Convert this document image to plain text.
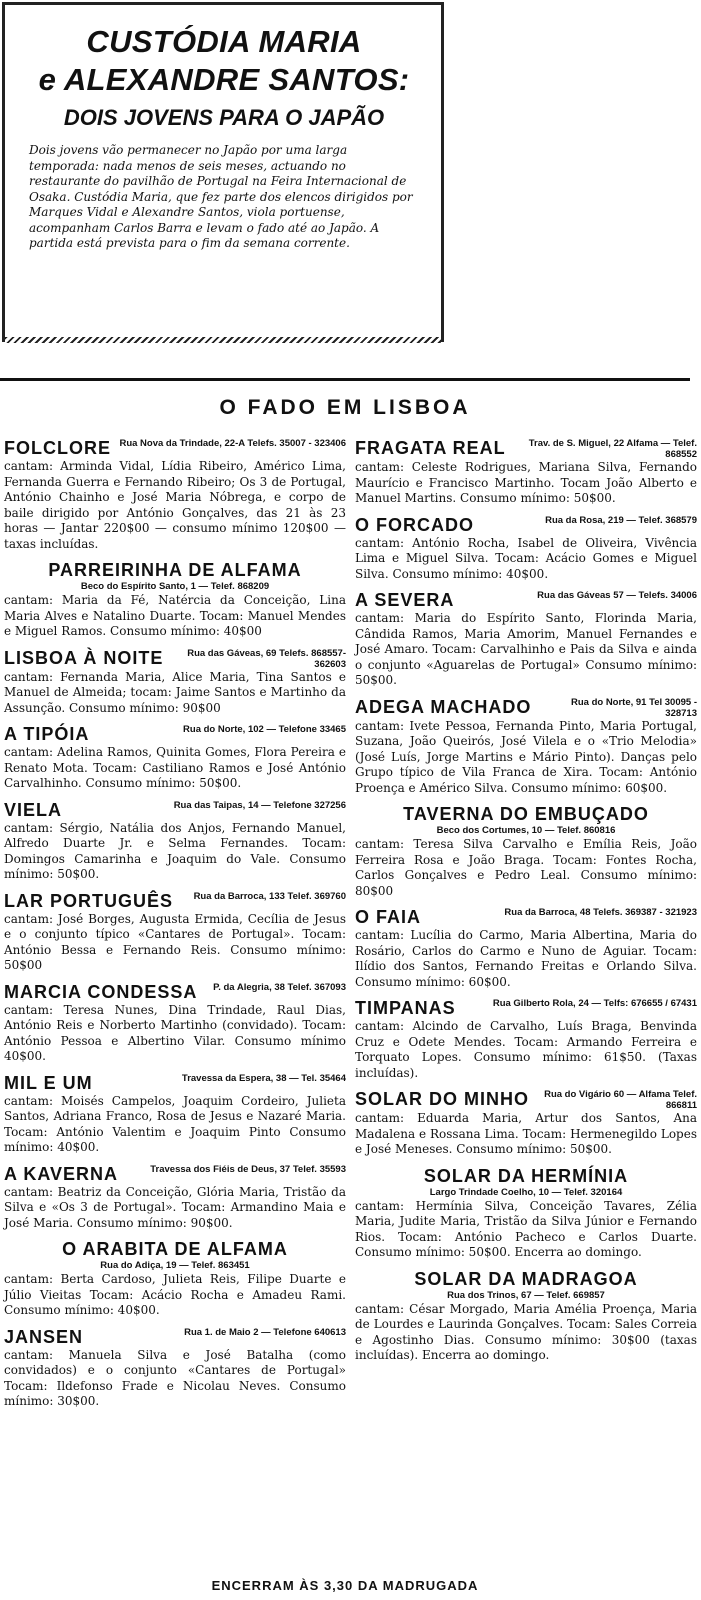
CUSTÓDIA MARIA
e ALEXANDRE SANTOS:
DOIS JOVENS PARA O JAPÃO

Dois jovens vão permanecer no Japão por uma larga temporada: nada menos de seis meses, actuando no restaurante do pavilhão de Portugal na Feira Internacional de Osaka. Custódia Maria, que fez parte dos elencos dirigidos por Marques Vidal e Alexandre Santos, viola portuense, acompanham Carlos Barra e levam o fado até ao Japão. A partida está prevista para o fim da semana corrente.

O FADO EM LISBOA
FOLCLORE Rua Nova da Trindade, 22-A Telefs. 35007 - 323406
cantam: Arminda Vidal, Lídia Ribeiro, Américo Lima, Fernanda Guerra e Fernando Ribeiro; Os 3 de Portugal, António Chainho e José Maria Nóbrega, e corpo de baile dirigido por António Gonçalves, das 21 às 23 horas — Jantar 220$00 — consumo mínimo 120$00 — taxas incluídas.
PARREIRINHA DE ALFAMA
Beco do Espírito Santo, 1 — Telef. 868209
cantam: Maria da Fé, Natércia da Conceição, Lina Maria Alves e Natalino Duarte. Tocam: Manuel Mendes e Miguel Ramos. Consumo mínimo: 40$00
LISBOA À NOITE	Rua das Gáveas, 69 Telefs. 868557-362603
cantam: Fernanda Maria, Alice Maria, Tina Santos e Manuel de Almeida; tocam: Jaime Santos e Martinho da Assunção. Consumo mínimo: 90$00
A TIPÓIA	Rua do Norte, 102 — Telefone 33465
cantam: Adelina Ramos, Quinita Gomes, Flora Pereira e Renato Mota. Tocam: Castiliano Ramos e José António Carvalhinho. Consumo mínimo: 50$00.
VIELA	Rua das Taipas, 14 — Telefone 327256
cantam: Sérgio, Natália dos Anjos, Fernando Manuel, Alfredo Duarte Jr. e Selma Fernandes. Tocam: Domingos Camarinha e Joaquim do Vale. Consumo mínimo: 50$00.
LAR PORTUGUÊS	Rua da Barroca, 133 Telef. 369760
cantam: José Borges, Augusta Ermida, Cecília de Jesus e o conjunto típico «Cantares de Portugal». Tocam: António Bessa e Fernando Reis. Consumo mínimo: 50$00
MARCIA CONDESSA	P. da Alegria, 38 Telef. 367093
cantam: Teresa Nunes, Dina Trindade, Raul Dias, António Reis e Norberto Martinho (convidado). Tocam: António Pessoa e Albertino Vilar. Consumo mínimo 40$00.
MIL E UM	Travessa da Espera, 38 — Tel. 35464
cantam: Moisés Campelos, Joaquim Cordeiro, Julieta Santos, Adriana Franco, Rosa de Jesus e Nazaré Maria. Tocam: António Valentim e Joaquim Pinto Consumo mínimo: 40$00.
A KAVERNA	Travessa dos Fiéis de Deus, 37 Telef. 35593
cantam: Beatriz da Conceição, Glória Maria, Tristão da Silva e «Os 3 de Portugal». Tocam: Armandino Maia e José Maria. Consumo mínimo: 90$00.
O ARABITA DE ALFAMA
Rua do Adiça, 19 — Telef. 863451
cantam: Berta Cardoso, Julieta Reis, Filipe Duarte e Júlio Vieitas Tocam: Acácio Rocha e Amadeu Rami. Consumo mínimo: 40$00.
JANSEN	Rua 1. de Maio 2 — Telefone 640613
cantam: Manuela Silva e José Batalha (como convidados) e o conjunto «Cantares de Portugal» Tocam: Ildefonso Frade e Nicolau Neves. Consumo mínimo: 30$00.
FRAGATA REAL	Trav. de S. Miguel, 22 Alfama — Telef. 868552
cantam: Celeste Rodrigues, Mariana Silva, Fernando Maurício e Francisco Martinho. Tocam João Alberto e Manuel Martins. Consumo mínimo: 50$00.
O FORCADO	Rua da Rosa, 219 — Telef. 368579
cantam: António Rocha, Isabel de Oliveira, Vivência Lima e Miguel Silva. Tocam: Acácio Gomes e Miguel Silva. Consumo mínimo: 40$00.
A SEVERA	Rua das Gáveas 57 — Telefs. 34006
cantam: Maria do Espírito Santo, Florinda Maria, Cândida Ramos, Maria Amorim, Manuel Fernandes e José Amaro. Tocam: Carvalhinho e Pais da Silva e ainda o conjunto «Aguarelas de Portugal» Consumo mínimo: 50$00.
ADEGA MACHADO	Rua do Norte, 91 Tel 30095 - 328713
cantam: Ivete Pessoa, Fernanda Pinto, Maria Portugal, Suzana, João Queirós, José Vilela e o «Trio Melodia» (José Luís, Jorge Martins e Mário Pinto). Danças pelo Grupo típico de Vila Franca de Xira. Tocam: António Proença e Américo Silva. Consumo mínimo: 60$00.
TAVERNA DO EMBUÇADO
Beco dos Cortumes, 10 — Telef. 860816
cantam: Teresa Silva Carvalho e Emília Reis, João Ferreira Rosa e João Braga. Tocam: Fontes Rocha, Carlos Gonçalves e Pedro Leal. Consumo mínimo: 80$00
O FAIA	Rua da Barroca, 48 Telefs. 369387 - 321923
cantam: Lucília do Carmo, Maria Albertina, Maria do Rosário, Carlos do Carmo e Nuno de Aguiar. Tocam: Ilídio dos Santos, Fernando Freitas e Orlando Silva. Consumo mínimo: 60$00.
TIMPANAS	Rua Gilberto Rola, 24 — Telfs: 676655 / 67431
cantam: Alcindo de Carvalho, Luís Braga, Benvinda Cruz e Odete Mendes. Tocam: Armando Ferreira e Torquato Lopes. Consumo mínimo: 61$50. (Taxas incluídas).
SOLAR DO MINHO	Rua do Vigário 60 — Alfama Telef. 866811
cantam: Eduarda Maria, Artur dos Santos, Ana Madalena e Rossana Lima. Tocam: Hermenegildo Lopes e José Meneses. Consumo mínimo: 50$00.
SOLAR DA HERMÍNIA
Largo Trindade Coelho, 10 — Telef. 320164
cantam: Hermínia Silva, Conceição Tavares, Zélia Maria, Judite Maria, Tristão da Silva Júnior e Fernando Rios. Tocam: António Pacheco e Carlos Duarte. Consumo mínimo: 50$00. Encerra ao domingo.
SOLAR DA MADRAGOA
Rua dos Trinos, 67 — Telef. 669857
cantam: César Morgado, Maria Amélia Proença, Maria de Lourdes e Laurinda Gonçalves. Tocam: Sales Correia e Agostinho Dias. Consumo mínimo: 30$00 (taxas incluídas). Encerra ao domingo.
ENCERRAM ÀS 3,30 DA MADRUGADA
